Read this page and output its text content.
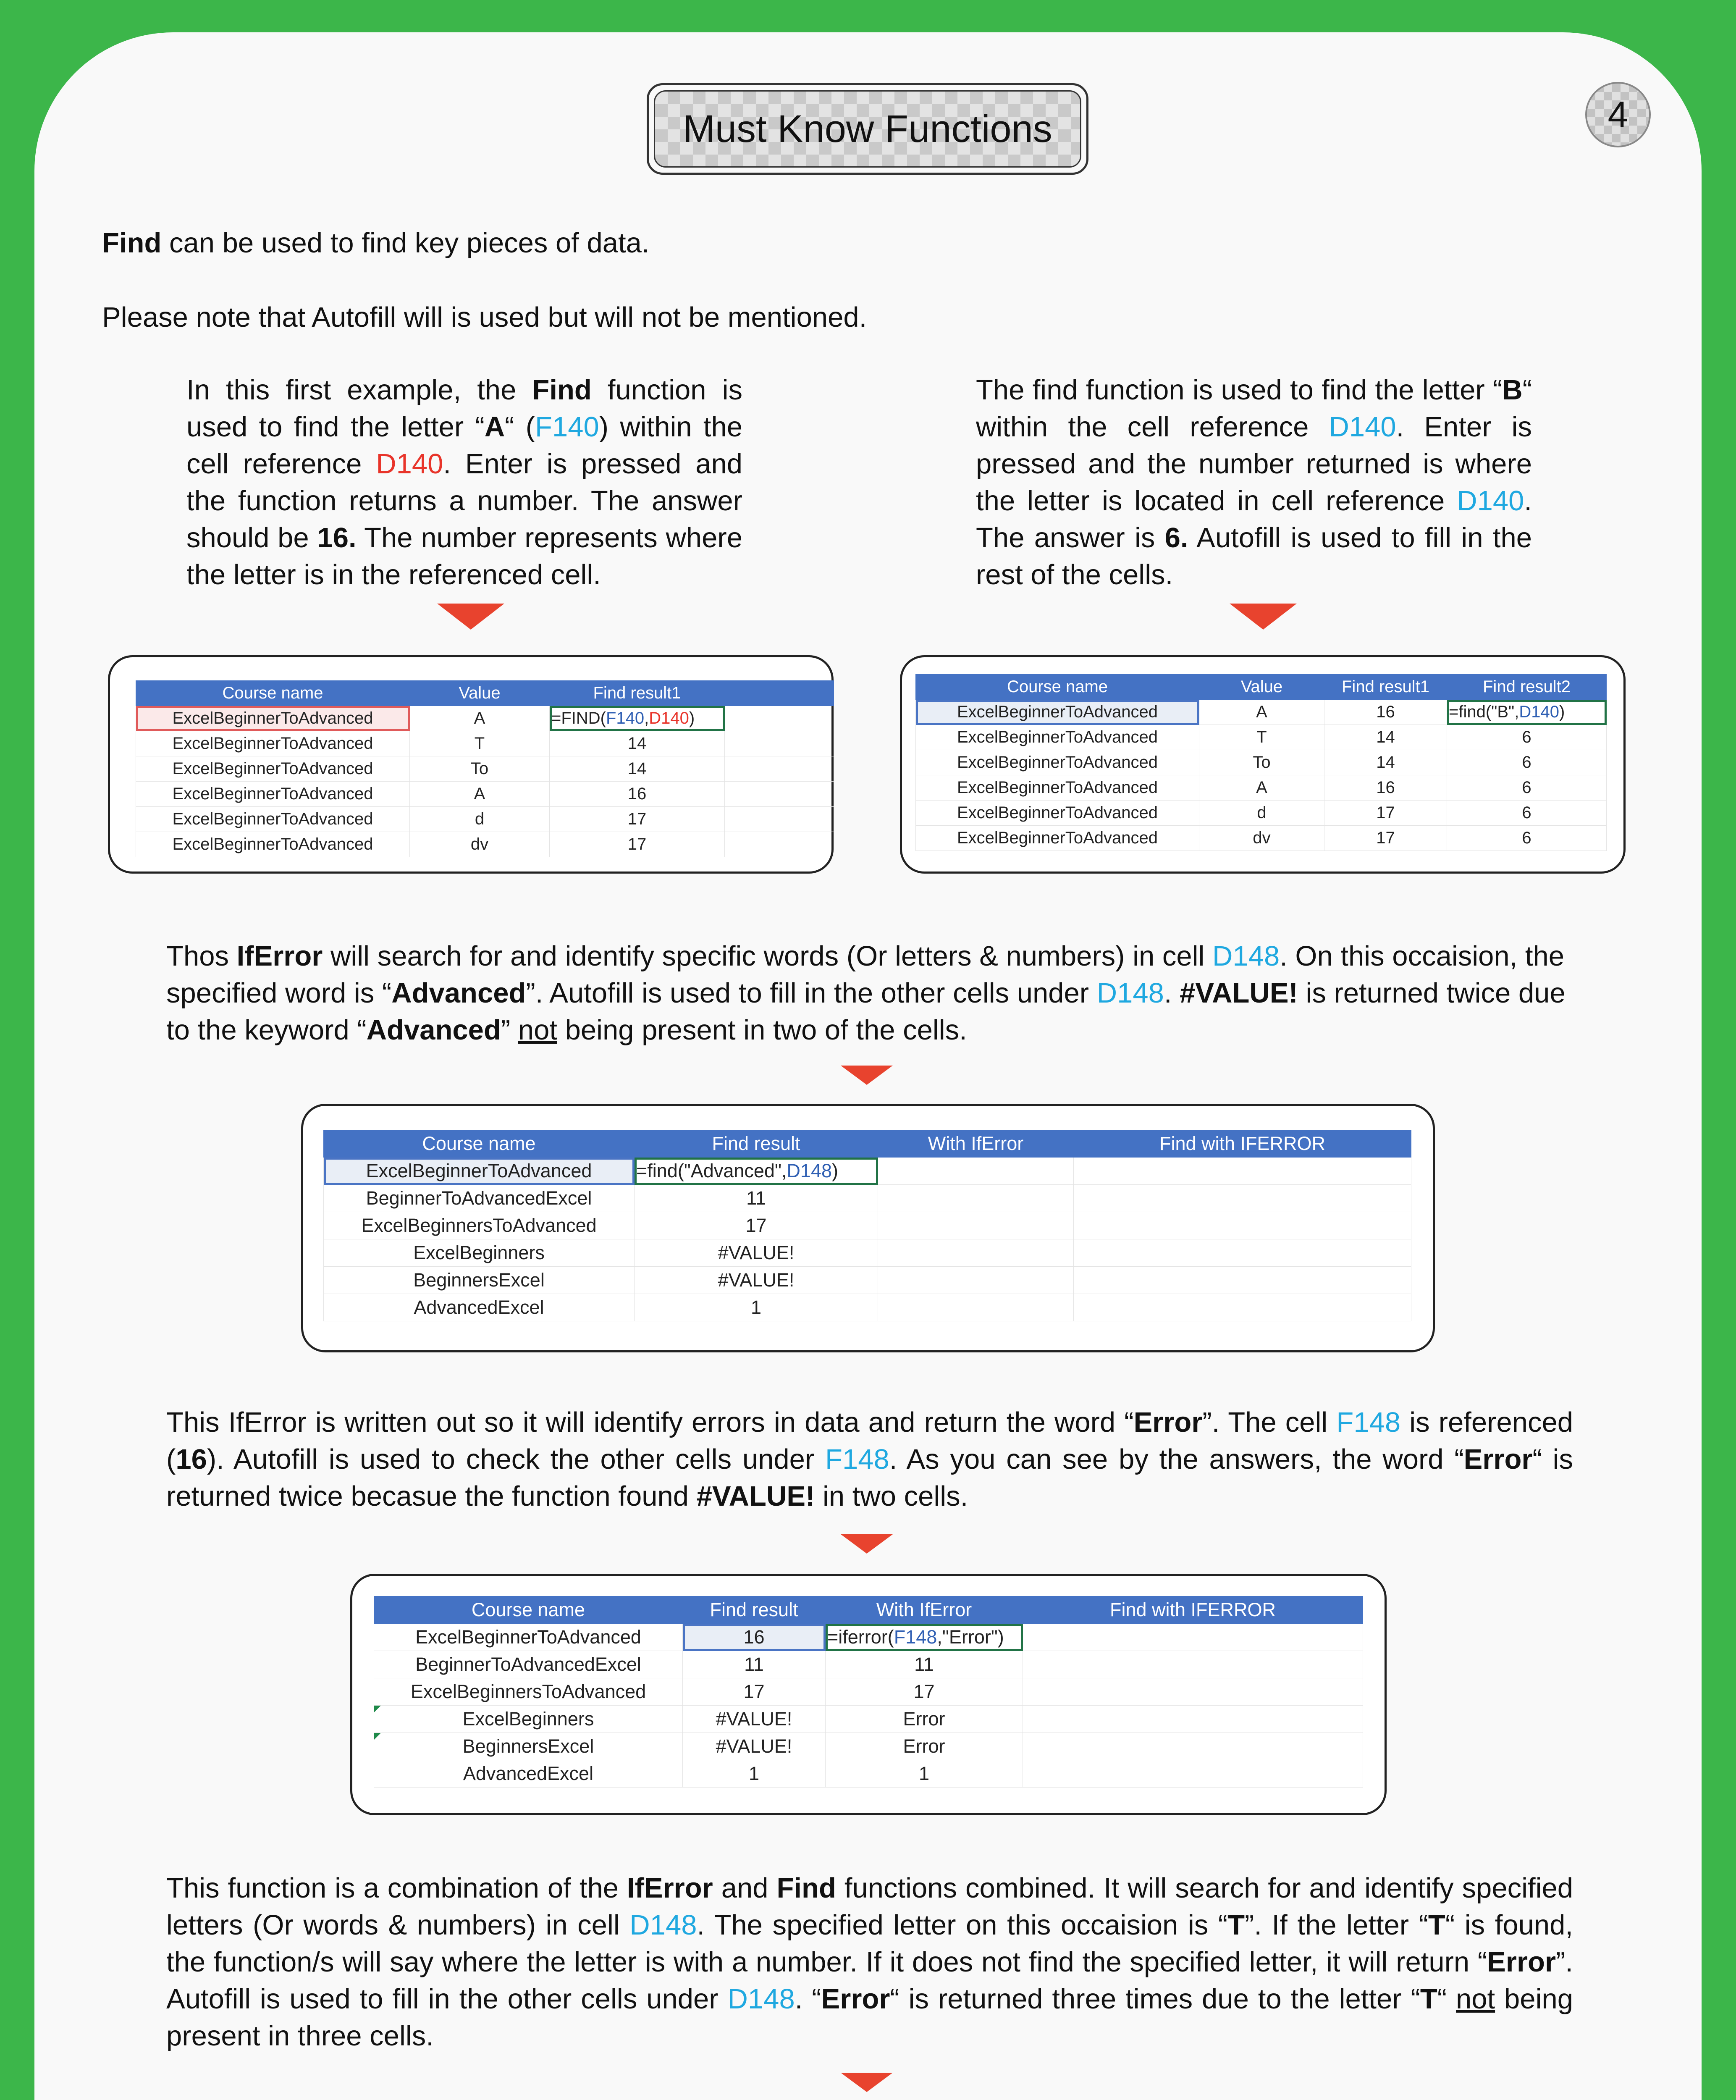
Must Know Functions	4
Find can be used to find key pieces of data.
Please note that Autofill will is used but will not be mentioned.
In this first example, the Find function is used to find the letter “A“ (F140) within the cell reference D140. Enter is pressed and the function returns a number. The answer should be 16. The number represents where the letter is in the referenced cell.
The find function is used to find the letter “B“ within the cell reference D140. Enter is pressed and the number returned is where the letter is located in cell reference D140. The answer is 6. Autofill is used to fill in the rest of the cells.
Course name	Value	Find result1	
ExcelBeginnerToAdvanced	A	=FIND(F140,D140)	
ExcelBeginnerToAdvanced	T	14	
ExcelBeginnerToAdvanced	To	14	
ExcelBeginnerToAdvanced	A	16	
ExcelBeginnerToAdvanced	d	17	
ExcelBeginnerToAdvanced	dv	17	
Course name	Value	Find result1	Find result2
ExcelBeginnerToAdvanced	A	16	=find("B",D140)
ExcelBeginnerToAdvanced	T	14	6
ExcelBeginnerToAdvanced	To	14	6
ExcelBeginnerToAdvanced	A	16	6
ExcelBeginnerToAdvanced	d	17	6
ExcelBeginnerToAdvanced	dv	17	6
Thos IfError will search for and identify specific words (Or letters & numbers) in cell D148. On this occaision, the specified word is “Advanced”. Autofill is used to fill in the other cells under D148. #VALUE! is returned twice due to the keyword “Advanced” not being present in two of the cells.
Course name	Find result	With IfError	Find with IFERROR
ExcelBeginnerToAdvanced	=find("Advanced",D148)		
BeginnerToAdvancedExcel	11		
ExcelBeginnersToAdvanced	17		
ExcelBeginners	#VALUE!		
BeginnersExcel	#VALUE!		
AdvancedExcel	1		
This IfError is written out so it will identify errors in data and return the word “Error”. The cell F148 is referenced (16). Autofill is used to check the other cells under F148. As you can see by the answers, the word “Error“ is returned twice becasue the function found #VALUE! in two cells.
Course name	Find result	With IfError	Find with IFERROR
ExcelBeginnerToAdvanced	16	=iferror(F148,"Error")	
BeginnerToAdvancedExcel	11	11	
ExcelBeginnersToAdvanced	17	17	
ExcelBeginners	#VALUE!	Error	
BeginnersExcel	#VALUE!	Error	
AdvancedExcel	1	1	
This function is a combination of the IfError and Find functions combined. It will search for and identify specified letters (Or words & numbers) in cell D148. The specified letter on this occaision is “T”. If the letter “T“ is found, the function/s will say where the letter is with a number. If it does not find the specified letter, it will return “Error”. Autofill is used to fill in the other cells under D148. “Error“ is returned three times due to the letter “T“ not being present in three cells.
